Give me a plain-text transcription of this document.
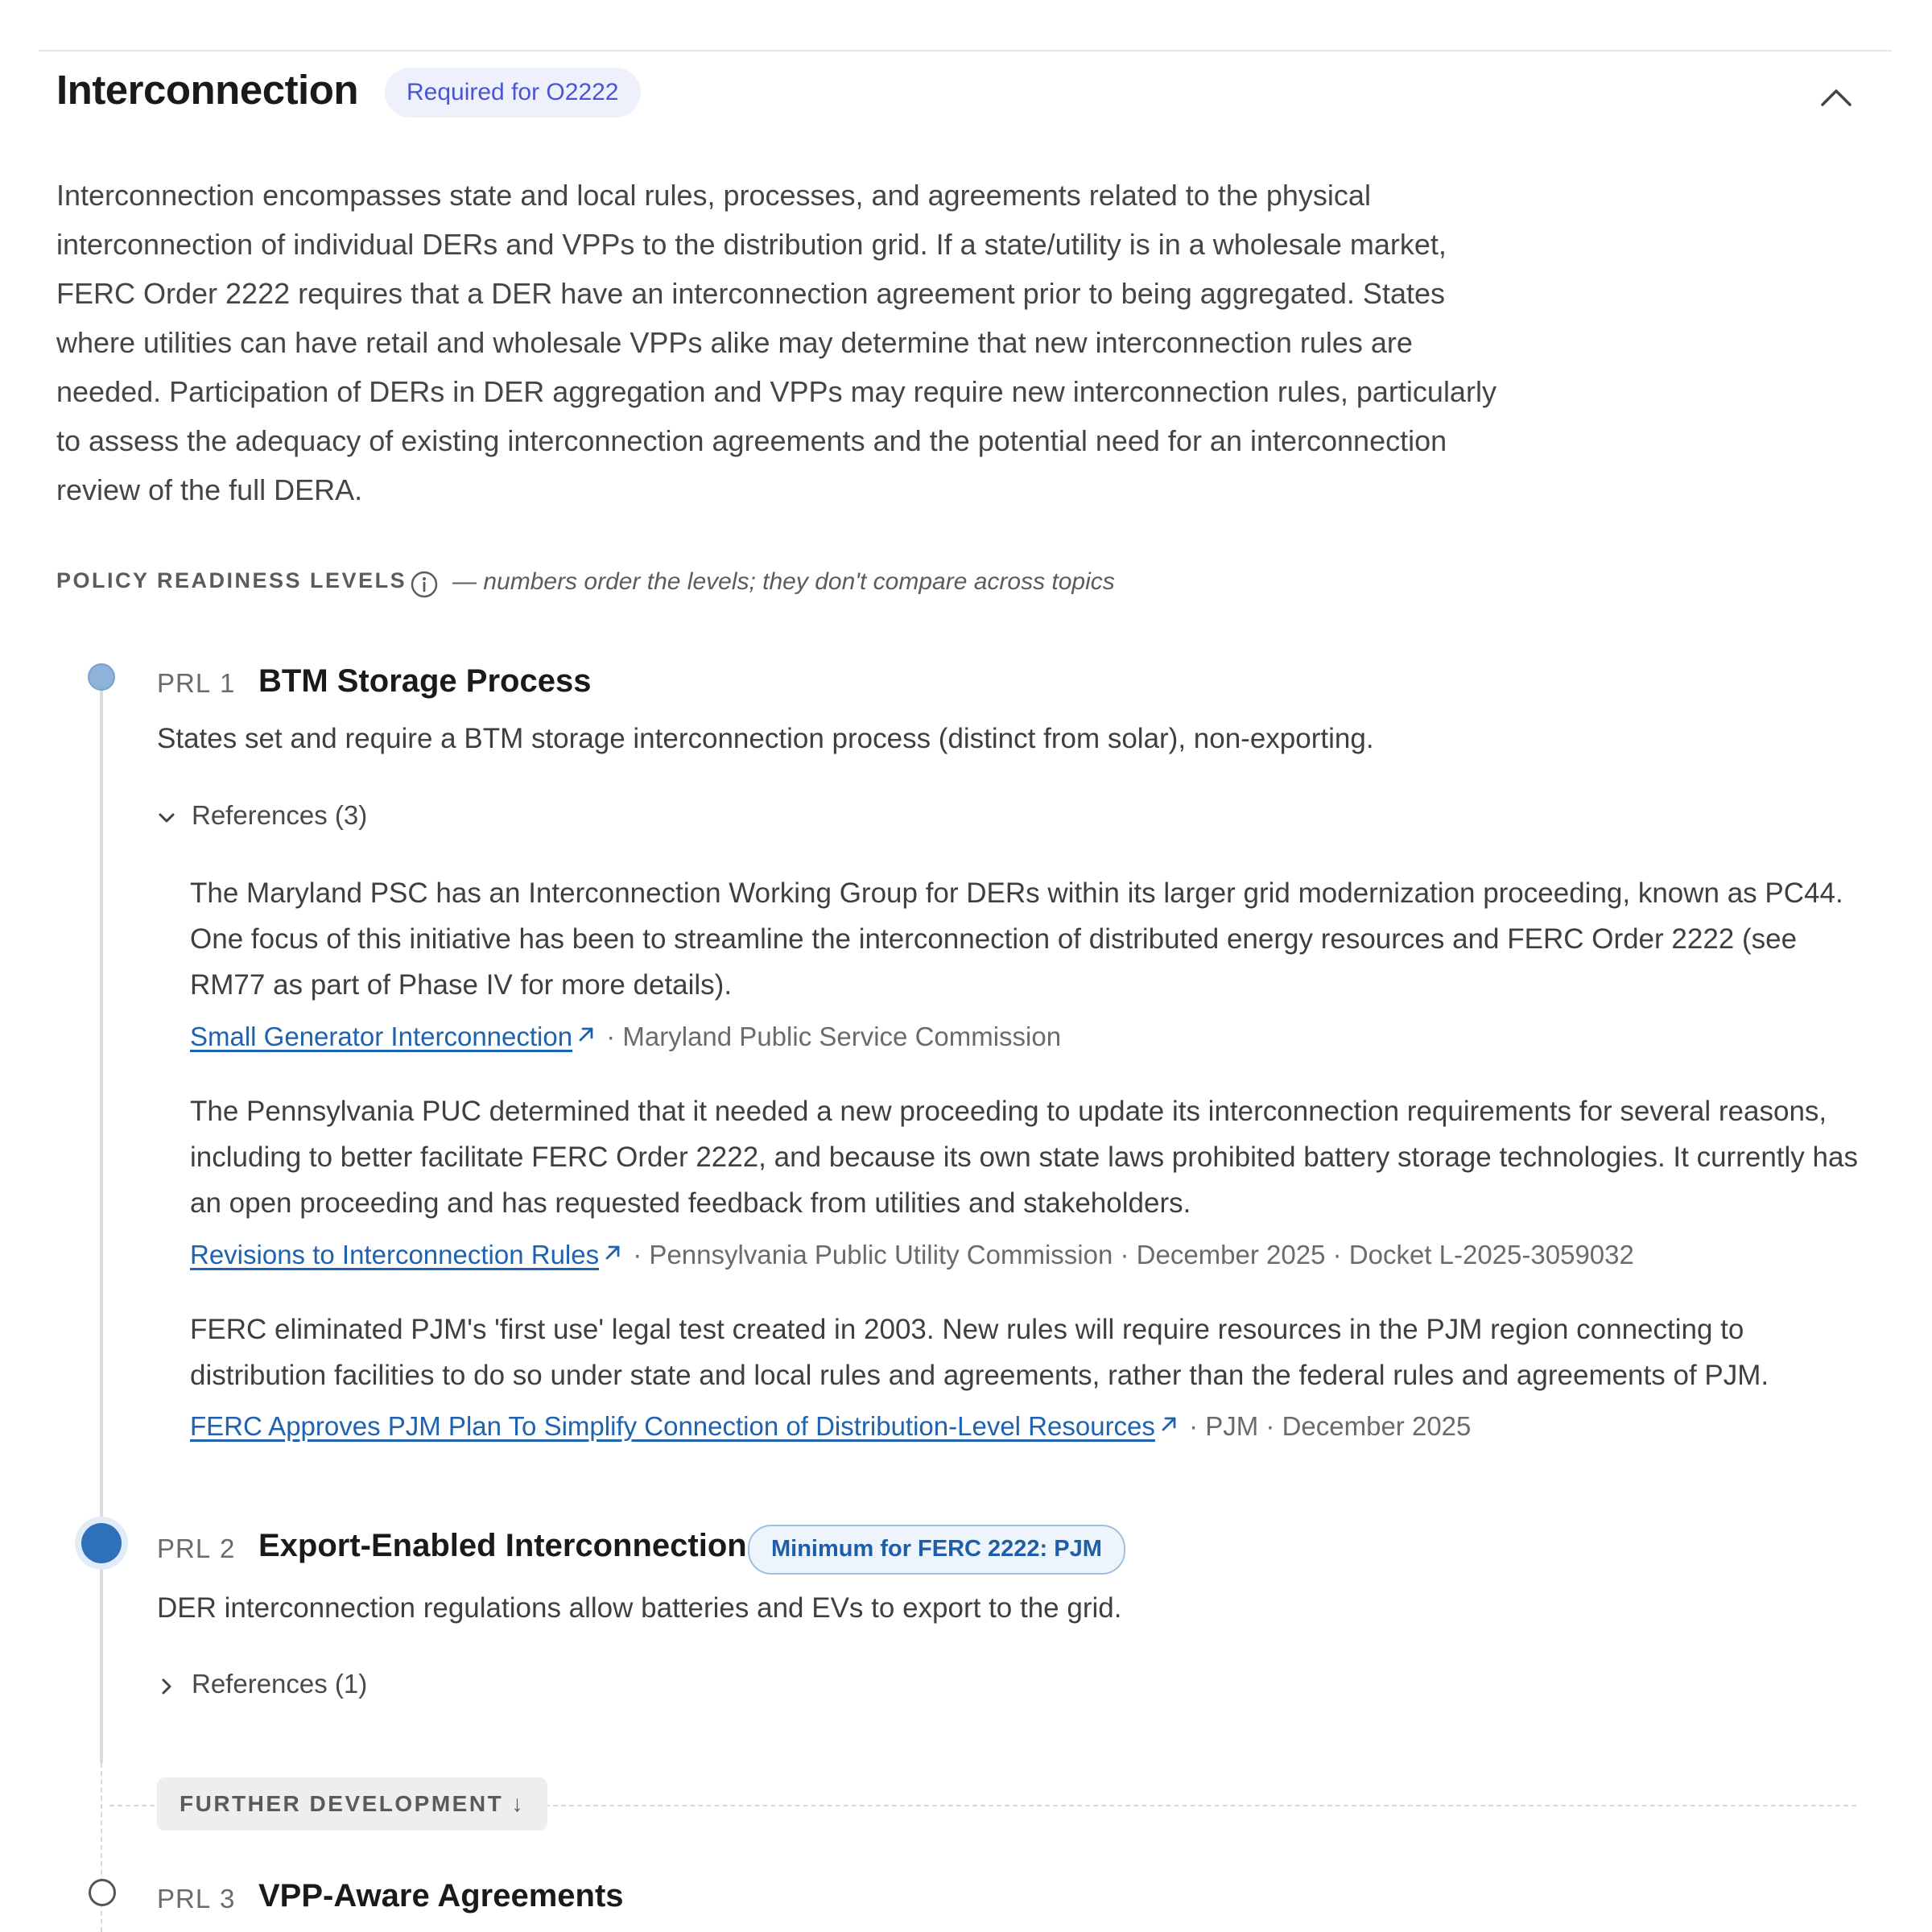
Interconnection	Required for O2222

Interconnection encompasses state and local rules, processes, and agreements related to the physical interconnection of individual DERs and VPPs to the distribution grid. If a state/utility is in a wholesale market, FERC Order 2222 requires that a DER have an interconnection agreement prior to being aggregated. States where utilities can have retail and wholesale VPPs alike may determine that new interconnection rules are needed. Participation of DERs in DER aggregation and VPPs may require new interconnection rules, particularly to assess the adequacy of existing interconnection agreements and the potential need for an interconnection review of the full DERA.

POLICY READINESS LEVELS — numbers order the levels; they don't compare across topics
PRL 1 BTM Storage Process
States set and require a BTM storage interconnection process (distinct from solar), non-exporting.
References (3)

The Maryland PSC has an Interconnection Working Group for DERs within its larger grid modernization proceeding, known as PC44. One focus of this initiative has been to streamline the interconnection of distributed energy resources and FERC Order 2222 (see RM77 as part of Phase IV for more details).

Small Generator Interconnection · Maryland Public Service Commission

The Pennsylvania PUC determined that it needed a new proceeding to update its interconnection requirements for several reasons, including to better facilitate FERC Order 2222, and because its own state laws prohibited battery storage technologies. It currently has an open proceeding and has requested feedback from utilities and stakeholders.

Revisions to Interconnection Rules · Pennsylvania Public Utility Commission · December 2025 · Docket L-2025-3059032

FERC eliminated PJM's 'first use' legal test created in 2003. New rules will require resources in the PJM region connecting to distribution facilities to do so under state and local rules and agreements, rather than the federal rules and agreements of PJM.

FERC Approves PJM Plan To Simplify Connection of Distribution-Level Resources · PJM · December 2025
PRL 2 Export-Enabled Interconnection	Minimum for FERC 2222: PJM
DER interconnection regulations allow batteries and EVs to export to the grid.
References (1)
FURTHER DEVELOPMENT ↓
PRL 3 VPP-Aware Agreements
